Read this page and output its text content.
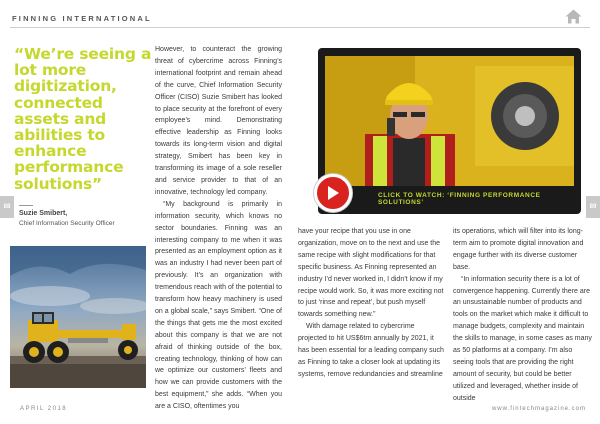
FINNING INTERNATIONAL
88	89
“We’re seeing a lot more digitization, connected assets and abilities to enhance performance solutions”
Suzie Smibert,
Chief Information Security Officer

However, to counteract the growing threat of cybercrime across Finning’s international footprint and remain ahead of the curve, Chief Information Security Officer (CISO) Suzie Smibert has looked to place security at the forefront of every employee’s mind. Demonstrating effective leadership as Finning looks towards its long-term vision and digital strategy, Smibert has been key in transforming its image of a sole reseller and service provider to that of an innovative, technology led company.

“My background is primarily in information security, which knows no sector boundaries. Finning was an interesting company to me when it was presented as an employment option as it was an industry I had never been part of previously. It’s an organization with tremendous reach with of the potential to transform how heavy machinery is used on a global scale,” says Smibert. “One of the things that gets me the most excited about this company is that we are not afraid of thinking outside of the box, creating technology, thinking of how can we optimize our customers’ fleets and how we can provide customers with the best equipment,” she adds. “When you are a CISO, oftentimes you

CLICK TO WATCH: ‘FINNING PERFORMANCE SOLUTIONS’

have your recipe that you use in one organization, move on to the next and use the same recipe with slight modifications for that specific business. As Finning represented an industry I’d never worked in, I didn’t know if my recipe would work. So, it was more exciting not to just ‘rinse and repeat’, but push myself towards something new.”

With damage related to cybercrime projected to hit US$6trn annually by 2021, it has been essential for a leading company such as Finning to take a closer look at updating its systems, remove redundancies and streamline

its operations, which will filter into its long-term aim to promote digital innovation and engage further with its diverse customer base.

“In information security there is a lot of convergence happening. Currently there are an unsustainable number of products and tools on the market which make it difficult to manage budgets, complexity and maintain the skills to manage, in some cases as many as 50 platforms at a company. I’m also seeing tools that are providing the right amount of security, but could be better utilized and leveraged, whether inside of outside

APRIL 2018	www.fintechmagazine.com
